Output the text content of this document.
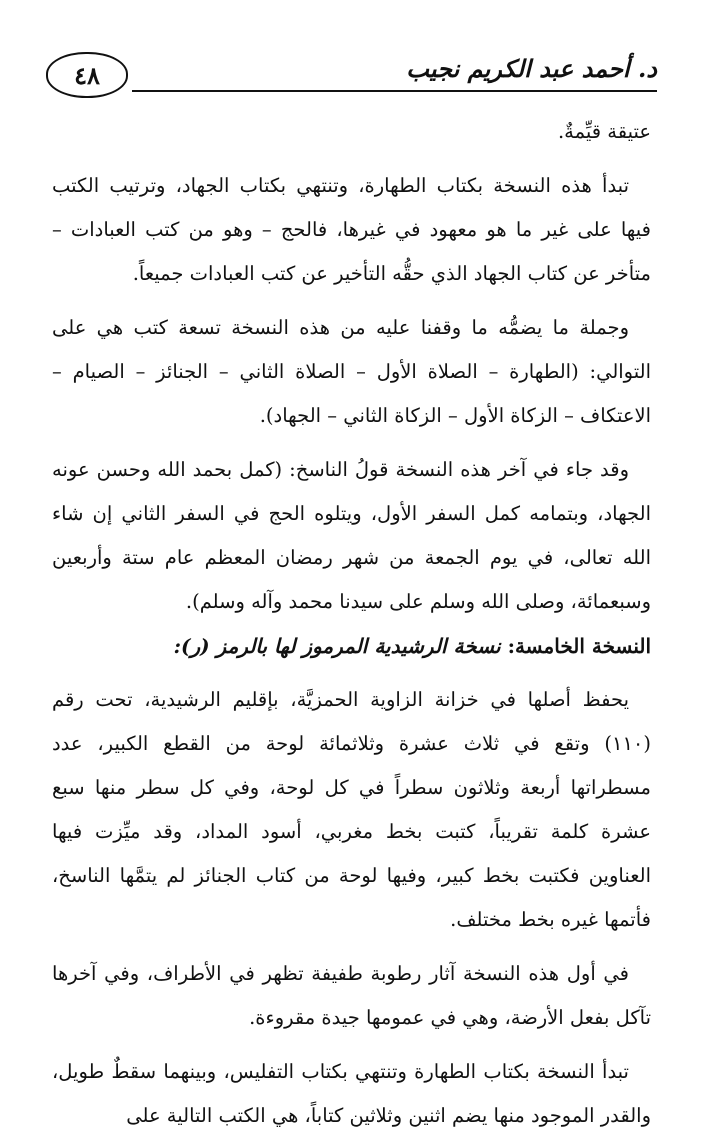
٤٨	د. أحمد عبد الكريم نجيب

عتيقة قيِّمةٌ.

تبدأ هذه النسخة بكتاب الطهارة، وتنتهي بكتاب الجهاد، وترتيب الكتب فيها على غير ما هو معهود في غيرها، فالحج – وهو من كتب العبادات – متأخر عن كتاب الجهاد الذي حقُّه التأخير عن كتب العبادات جميعاً.

وجملة ما يضمُّه ما وقفنا عليه من هذه النسخة تسعة كتب هي على التوالي: (الطهارة – الصلاة الأول – الصلاة الثاني – الجنائز – الصيام – الاعتكاف – الزكاة الأول – الزكاة الثاني – الجهاد).

وقد جاء في آخر هذه النسخة قولُ الناسخ: (كمل بحمد الله وحسن عونه الجهاد، وبتمامه كمل السفر الأول، ويتلوه الحج في السفر الثاني إن شاء الله تعالى، في يوم الجمعة من شهر رمضان المعظم عام ستة وأربعين وسبعمائة، وصلى الله وسلم على سيدنا محمد وآله وسلم).

النسخة الخامسة: نسخة الرشيدية المرموز لها بالرمز (ر):

يحفظ أصلها في خزانة الزاوية الحمزيَّة، بإقليم الرشيدية، تحت رقم (١١٠) وتقع في ثلاث عشرة وثلاثمائة لوحة من القطع الكبير، عدد مسطراتها أربعة وثلاثون سطراً في كل لوحة، وفي كل سطر منها سبع عشرة كلمة تقريباً، كتبت بخط مغربي، أسود المداد، وقد ميِّزت فيها العناوين فكتبت بخط كبير، وفيها لوحة من كتاب الجنائز لم يتمَّها الناسخ، فأتمها غيره بخط مختلف.

في أول هذه النسخة آثار رطوبة طفيفة تظهر في الأطراف، وفي آخرها تآكل بفعل الأرضة، وهي في عمومها جيدة مقروءة.

تبدأ النسخة بكتاب الطهارة وتنتهي بكتاب التفليس، وبينهما سقطٌ طويل، والقدر الموجود منها يضم اثنين وثلاثين كتاباً، هي الكتب التالية على
